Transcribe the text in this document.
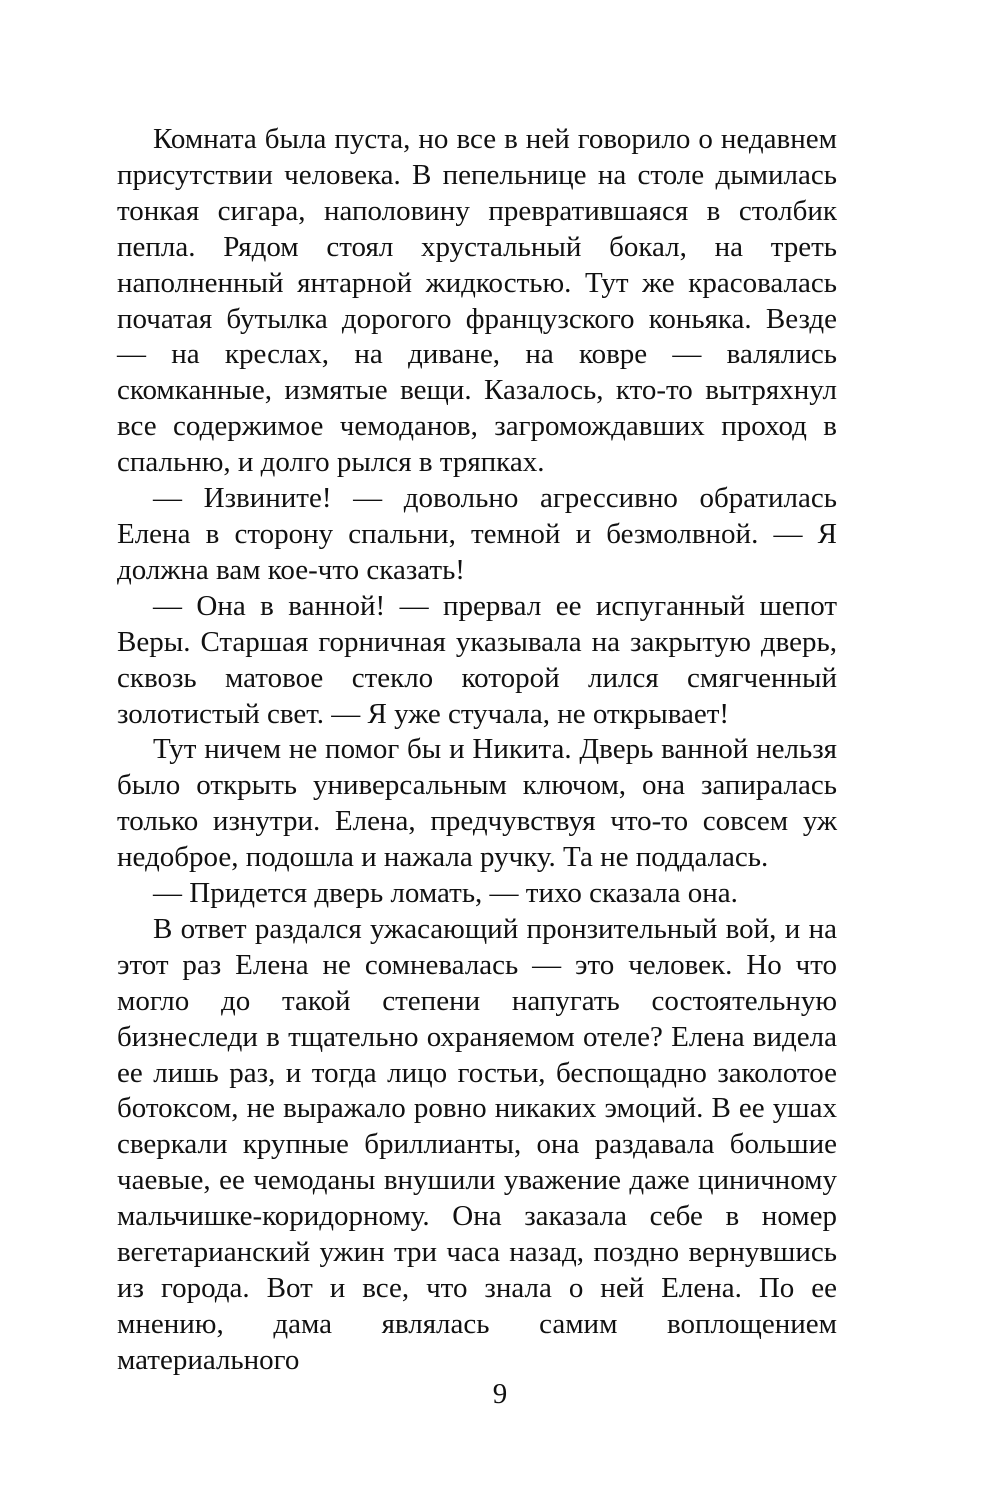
Комната была пуста, но все в ней говорило о недавнем присутствии человека. В пепельнице на столе дымилась тонкая сигара, наполовину превратившаяся в столбик пепла. Рядом стоял хрустальный бокал, на треть наполненный янтарной жидкостью. Тут же красовалась початая бутылка дорогого французского коньяка. Везде — на креслах, на диване, на ковре — валялись скомканные, измятые вещи. Казалось, кто-то вытряхнул все содержимое чемоданов, загромождавших проход в спальню, и долго рылся в тряпках.

— Извините! — довольно агрессивно обратилась Елена в сторону спальни, темной и безмолвной. — Я должна вам кое-что сказать!

— Она в ванной! — прервал ее испуганный шепот Веры. Старшая горничная указывала на закрытую дверь, сквозь матовое стекло которой лился смягченный золотистый свет. — Я уже стучала, не открывает!

Тут ничем не помог бы и Никита. Дверь ванной нельзя было открыть универсальным ключом, она запиралась только изнутри. Елена, предчувствуя что-то совсем уж недоброе, подошла и нажала ручку. Та не поддалась.

— Придется дверь ломать, — тихо сказала она.

В ответ раздался ужасающий пронзительный вой, и на этот раз Елена не сомневалась — это человек. Но что могло до такой степени напугать состоятельную бизнеследи в тщательно охраняемом отеле? Елена видела ее лишь раз, и тогда лицо гостьи, беспощадно заколотое ботоксом, не выражало ровно никаких эмоций. В ее ушах сверкали крупные бриллианты, она раздавала большие чаевые, ее чемоданы внушили уважение даже циничному мальчишке-коридорному. Она заказала себе в номер вегетарианский ужин три часа назад, поздно вернувшись из города. Вот и все, что знала о ней Елена. По ее мнению, дама являлась самим воплощением материального

9
